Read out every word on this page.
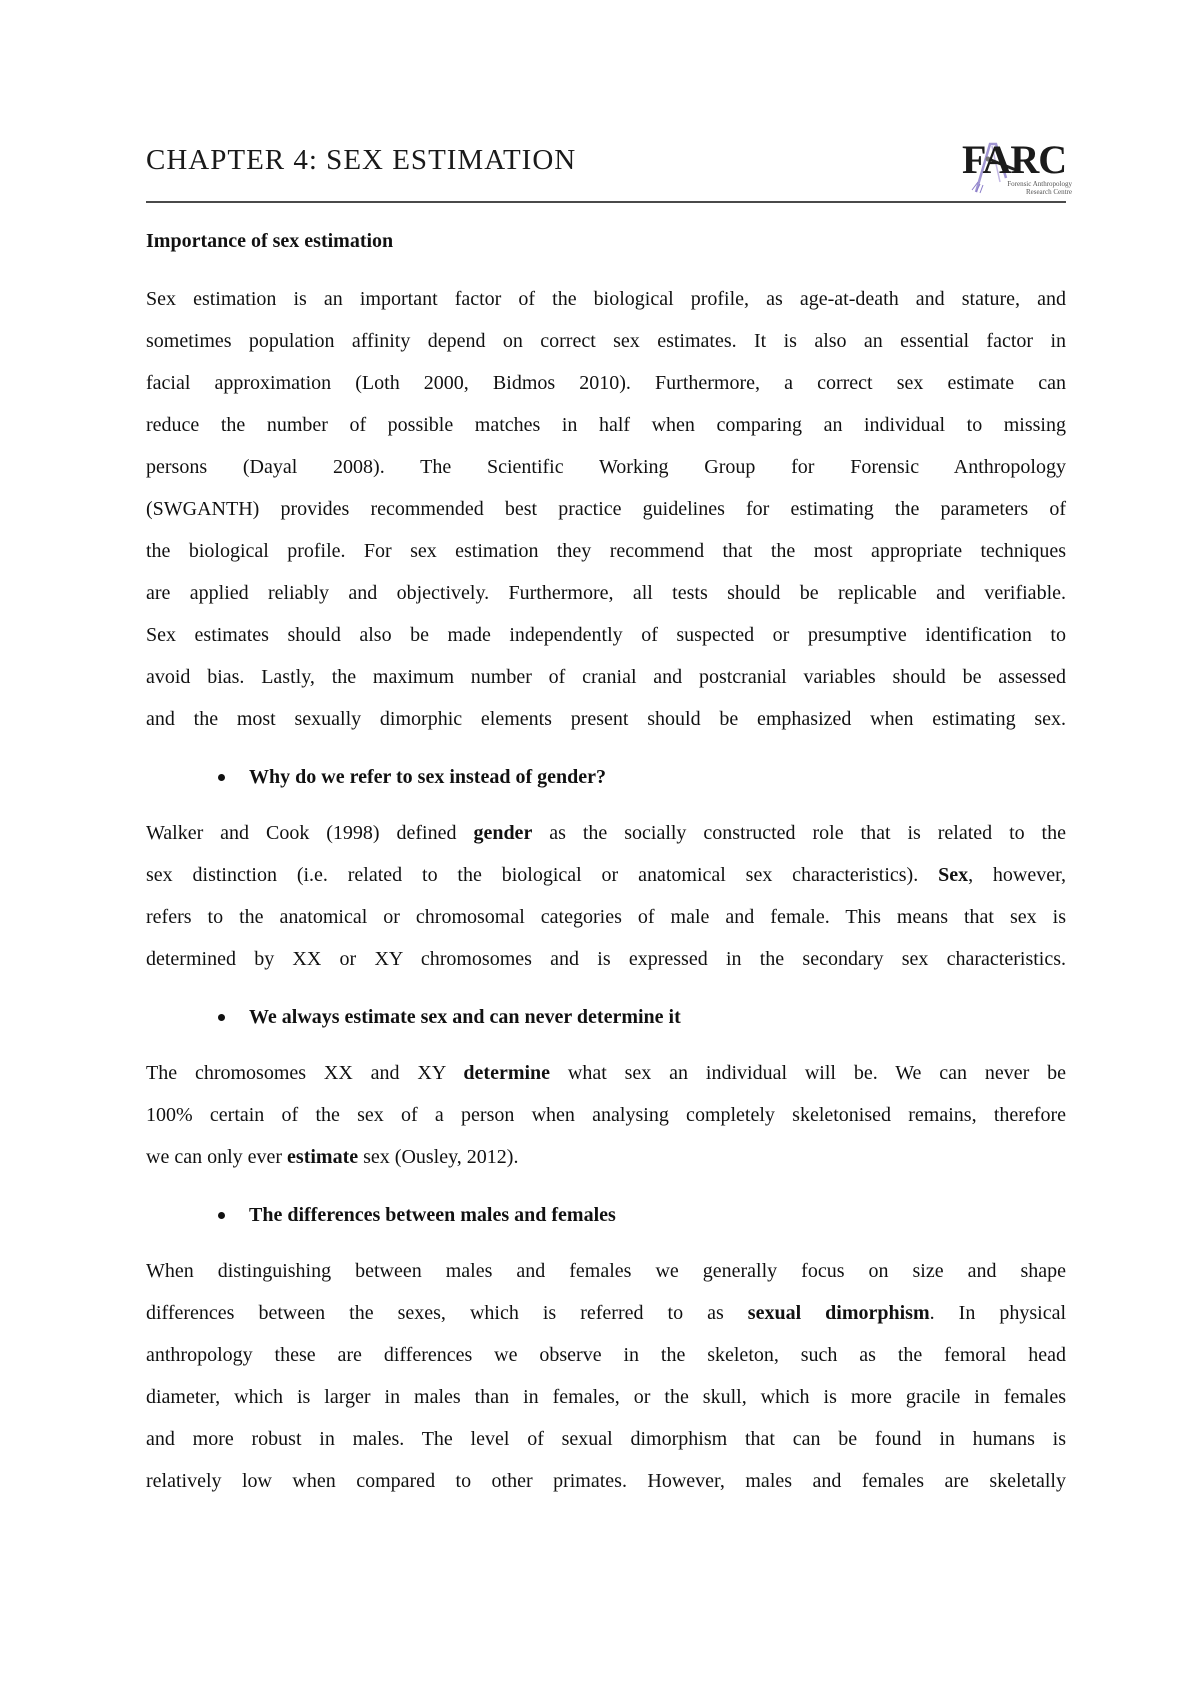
CHAPTER 4: SEX ESTIMATION	FARC
Forensic Anthropology
Research Centre
Importance of sex estimation
Sex estimation is an important factor of the biological profile, as age-at-death and stature, and
sometimes population affinity depend on correct sex estimates. It is also an essential factor in
facial approximation (Loth 2000, Bidmos 2010). Furthermore, a correct sex estimate can
reduce the number of possible matches in half when comparing an individual to missing
persons (Dayal 2008). The Scientific Working Group for Forensic Anthropology
(SWGANTH) provides recommended best practice guidelines for estimating the parameters of
the biological profile. For sex estimation they recommend that the most appropriate techniques
are applied reliably and objectively. Furthermore, all tests should be replicable and verifiable.
Sex estimates should also be made independently of suspected or presumptive identification to
avoid bias. Lastly, the maximum number of cranial and postcranial variables should be assessed
and the most sexually dimorphic elements present should be emphasized when estimating sex.
Why do we refer to sex instead of gender?
Walker and Cook (1998) defined gender as the socially constructed role that is related to the
sex distinction (i.e. related to the biological or anatomical sex characteristics). Sex, however,
refers to the anatomical or chromosomal categories of male and female. This means that sex is
determined by XX or XY chromosomes and is expressed in the secondary sex characteristics.
We always estimate sex and can never determine it
The chromosomes XX and XY determine what sex an individual will be. We can never be
100% certain of the sex of a person when analysing completely skeletonised remains, therefore
we can only ever estimate sex (Ousley, 2012).
The differences between males and females
When distinguishing between males and females we generally focus on size and shape
differences between the sexes, which is referred to as sexual dimorphism. In physical
anthropology these are differences we observe in the skeleton, such as the femoral head
diameter, which is larger in males than in females, or the skull, which is more gracile in females
and more robust in males. The level of sexual dimorphism that can be found in humans is
relatively low when compared to other primates. However, males and females are skeletally
